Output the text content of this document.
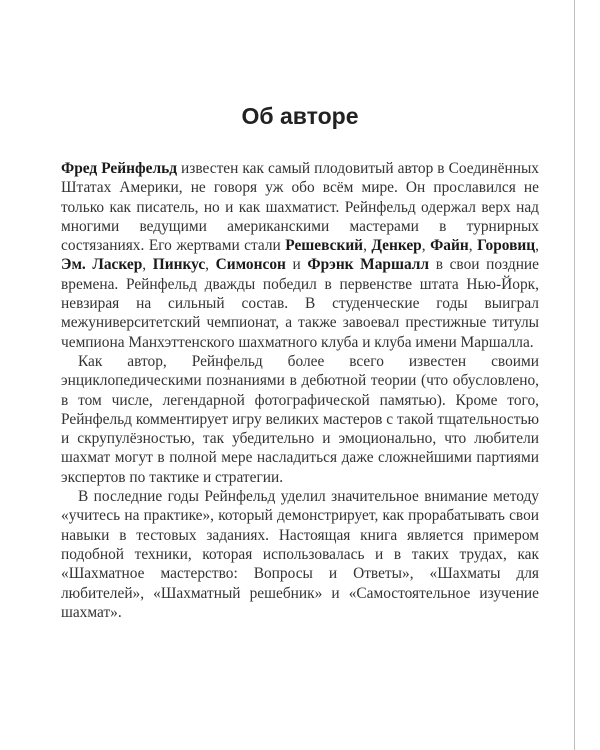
Об авторе

Фред Рейнфельд известен как самый плодовитый автор в Соединённых Штатах Америки, не говоря уж обо всём мире. Он прославился не только как писатель, но и как шахматист. Рейнфельд одержал верх над многими ведущими американскими мастерами в турнирных состязаниях. Его жертвами стали Решевский, Денкер, Файн, Горовиц, Эм. Ласкер, Пинкус, Симонсон и Фрэнк Маршалл в свои поздние времена. Рейнфельд дважды победил в первенстве штата Нью-Йорк, невзирая на сильный состав. В студенческие годы выиграл межуниверситетский чемпионат, а также завоевал престижные титулы чемпиона Манхэттенского шахматного клуба и клуба имени Маршалла.

Как автор, Рейнфельд более всего известен своими энциклопедическими познаниями в дебютной теории (что обусловлено, в том числе, легендарной фотографической памятью). Кроме того, Рейнфельд комментирует игру великих мастеров с такой тщательностью и скрупулёзностью, так убедительно и эмоционально, что любители шахмат могут в полной мере насладиться даже сложнейшими партиями экспертов по тактике и стратегии.

В последние годы Рейнфельд уделил значительное внимание методу «учитесь на практике», который демонстрирует, как прорабатывать свои навыки в тестовых заданиях. Настоящая книга является примером подобной техники, которая использовалась и в таких трудах, как «Шахматное мастерство: Вопросы и Ответы», «Шахматы для любителей», «Шахматный решебник» и «Самостоятельное изучение шахмат».
